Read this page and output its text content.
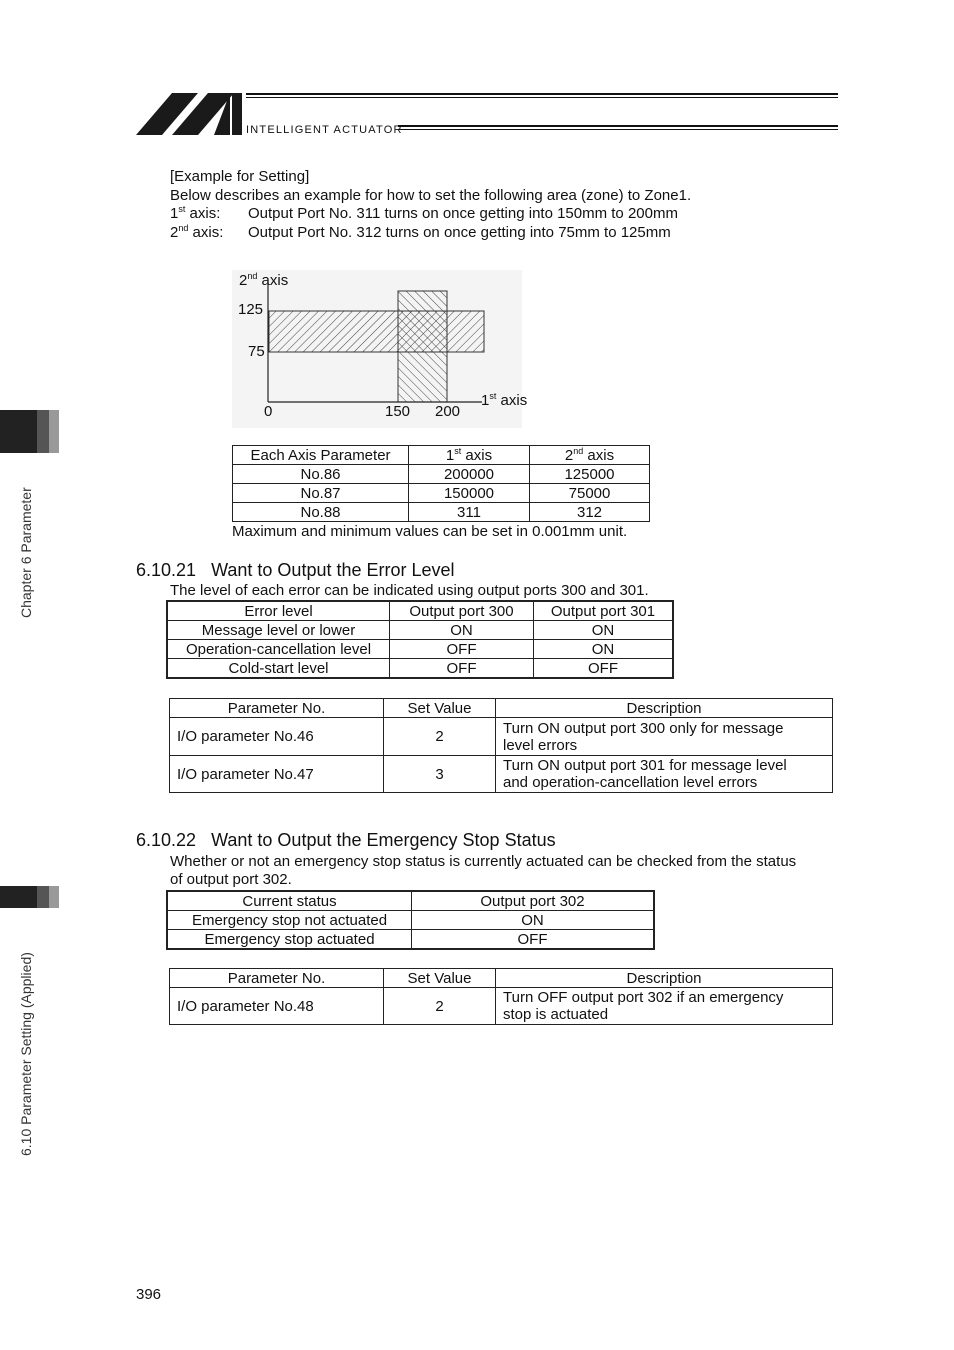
INTELLIGENT ACTUATOR
Chapter 6 Parameter
6.10 Parameter Setting (Applied)
[Example for Setting]
Below describes an example for how to set the following area (zone) to Zone1.
1st axis: Output Port No. 311 turns on once getting into 150mm to 200mm
2nd axis: Output Port No. 312 turns on once getting into 75mm to 125mm
2nd axis
125
75
0	150 200
1st axis
Each Axis Parameter	1st axis	2nd axis
No.86	200000	125000
No.87	150000	75000
No.88	311	312
Maximum and minimum values can be set in 0.001mm unit.
6.10.21 Want to Output the Error Level
The level of each error can be indicated using output ports 300 and 301.
Error level	Output port 300	Output port 301
Message level or lower	ON	ON
Operation-cancellation level	OFF	ON
Cold-start level	OFF	OFF
Parameter No.	Set Value	Description
I/O parameter No.46	2	Turn ON output port 300 only for message
level errors

I/O parameter No.47	3	Turn ON output port 301 for message level
and operation-cancellation level errors
6.10.22 Want to Output the Emergency Stop Status
Whether or not an emergency stop status is currently actuated can be checked from the status
of output port 302.
Current status	Output port 302
Emergency stop not actuated	ON
Emergency stop actuated	OFF
Parameter No.	Set Value	Description
I/O parameter No.48	2	Turn OFF output port 302 if an emergency
stop is actuated
396
